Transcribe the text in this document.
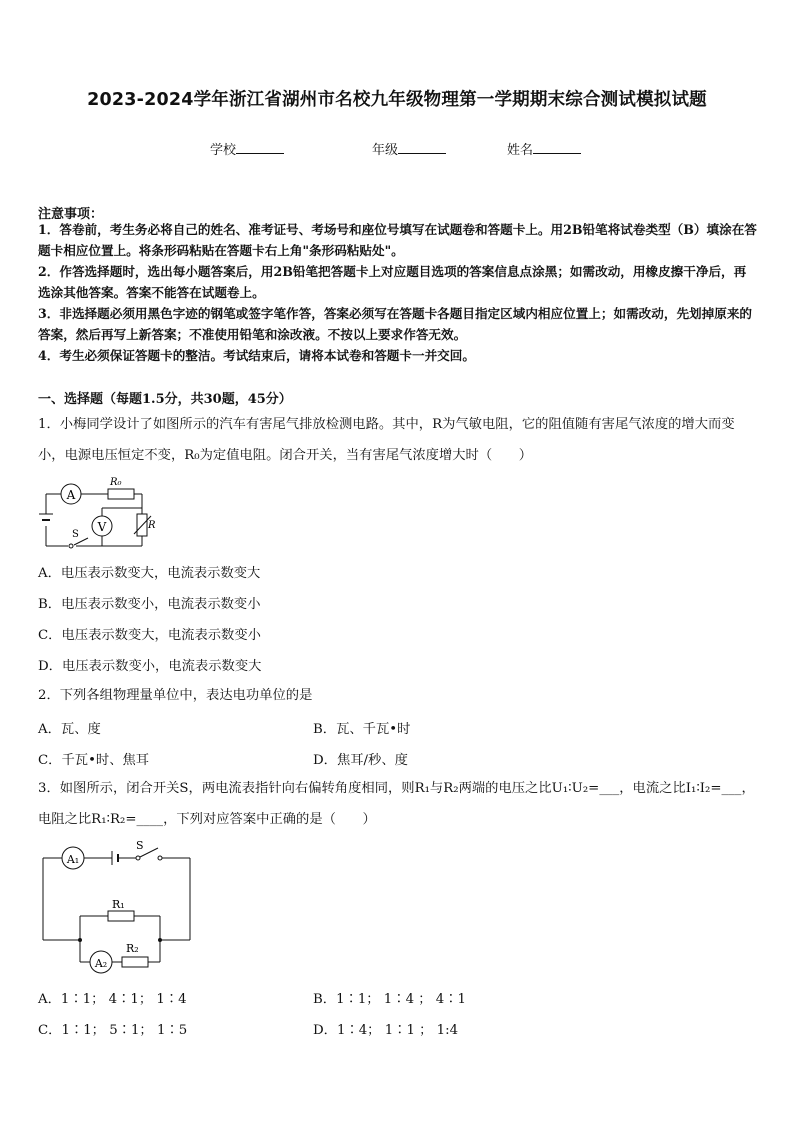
2023-2024学年浙江省湖州市名校九年级物理第一学期期末综合测试模拟试题
学校	年级	姓名
注意事项：
1．答卷前，考生务必将自己的姓名、准考证号、考场号和座位号填写在试题卷和答题卡上。用2B铅笔将试卷类型（B）填涂在答题卡相应位置上。将条形码粘贴在答题卡右上角"条形码粘贴处"。
2．作答选择题时，选出每小题答案后，用2B铅笔把答题卡上对应题目选项的答案信息点涂黑；如需改动，用橡皮擦干净后，再选涂其他答案。答案不能答在试题卷上。
3．非选择题必须用黑色字迹的钢笔或签字笔作答，答案必须写在答题卡各题目指定区域内相应位置上；如需改动，先划掉原来的答案，然后再写上新答案；不准使用铅笔和涂改液。不按以上要求作答无效。
4．考生必须保证答题卡的整洁。考试结束后，请将本试卷和答题卡一并交回。
一、选择题（每题1.5分，共30题，45分）
1．小梅同学设计了如图所示的汽车有害尾气排放检测电路。其中，R为气敏电阻，它的阻值随有害尾气浓度的增大而变小，电源电压恒定不变，R₀为定值电阻。闭合开关，当有害尾气浓度增大时（　　）
A
V
R₀
R
S
A．电压表示数变大，电流表示数变大
B．电压表示数变小，电流表示数变小
C．电压表示数变大，电流表示数变小
D．电压表示数变小，电流表示数变大
2．下列各组物理量单位中，表达电功单位的是
A．瓦、度	B．瓦、千瓦•时
C．千瓦•时、焦耳	D．焦耳/秒、度
3．如图所示，闭合开关S，两电流表指针向右偏转角度相同，则R₁与R₂两端的电压之比U₁∶U₂=___，电流之比I₁∶I₂=___，电阻之比R₁∶R₂=____，下列对应答案中正确的是（　　）
A₁
A₂
R₁
R₂
S
A．1∶1； 4∶1； 1∶4	B．1∶1； 1∶4 ； 4∶1
C．1∶1； 5∶1； 1∶5	D．1∶4； 1∶1 ； 1:4
